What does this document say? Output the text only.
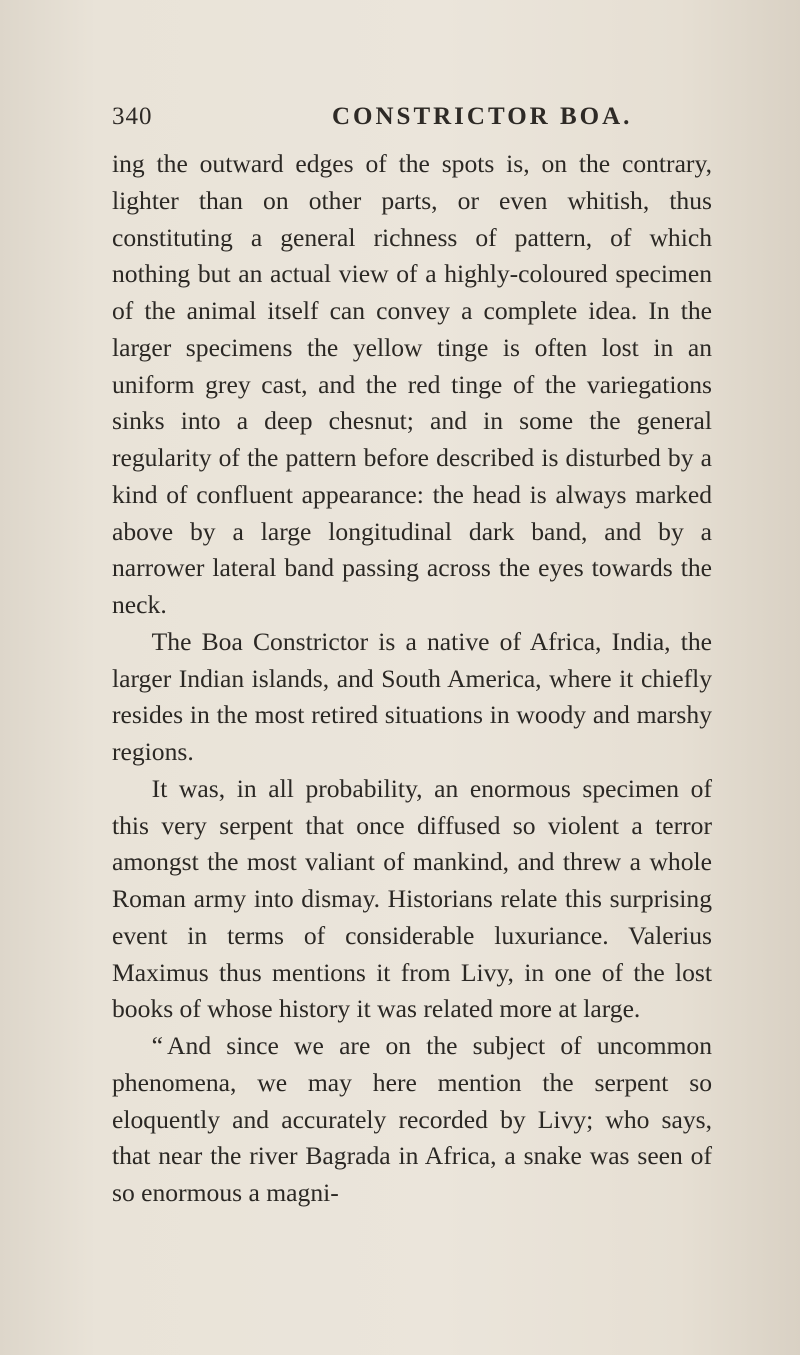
340	CONSTRICTOR BOA.

ing the outward edges of the spots is, on the contrary, lighter than on other parts, or even whitish, thus constituting a general richness of pattern, of which nothing but an actual view of a highly-coloured specimen of the animal itself can convey a complete idea. In the larger specimens the yellow tinge is often lost in an uniform grey cast, and the red tinge of the variegations sinks into a deep chesnut; and in some the general regularity of the pattern before described is disturbed by a kind of confluent appearance: the head is always marked above by a large longitudinal dark band, and by a narrower lateral band passing across the eyes towards the neck.

The Boa Constrictor is a native of Africa, India, the larger Indian islands, and South America, where it chiefly resides in the most retired situations in woody and marshy regions.

It was, in all probability, an enormous specimen of this very serpent that once diffused so violent a terror amongst the most valiant of mankind, and threw a whole Roman army into dismay. Historians relate this surprising event in terms of considerable luxuriance. Valerius Maximus thus mentions it from Livy, in one of the lost books of whose history it was related more at large.

“ And since we are on the subject of uncommon phenomena, we may here mention the serpent so eloquently and accurately recorded by Livy; who says, that near the river Bagrada in Africa, a snake was seen of so enormous a magni-
